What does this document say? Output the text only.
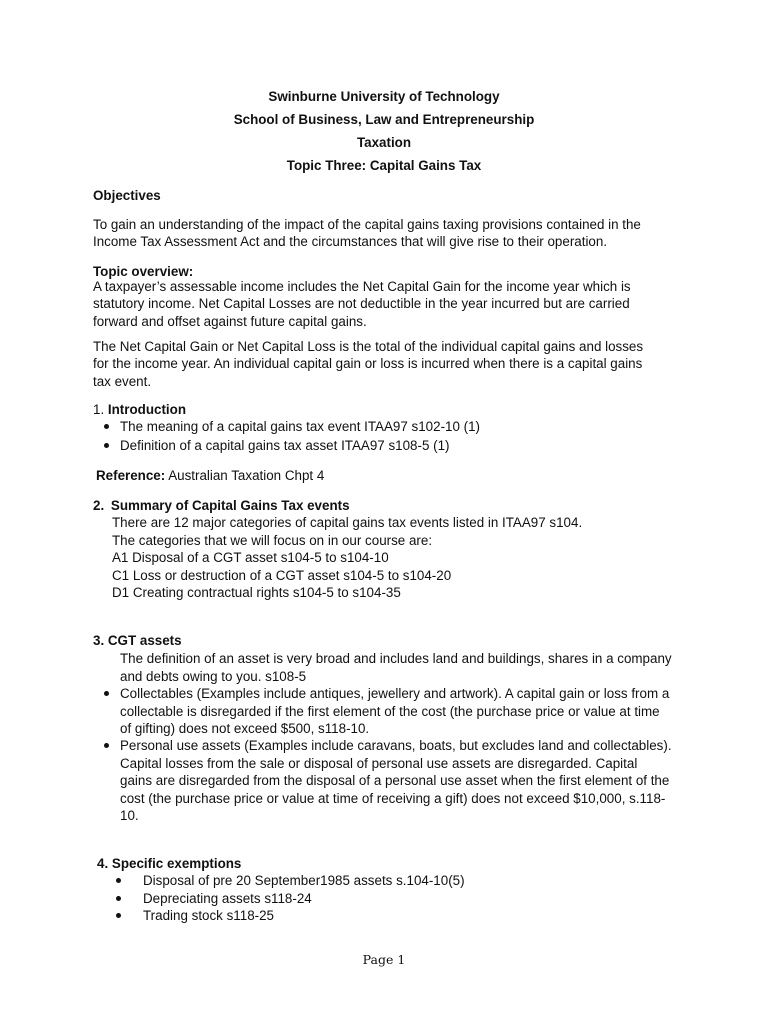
Swinburne University of Technology
School of Business, Law and Entrepreneurship
Taxation
Topic Three: Capital Gains Tax
Objectives
To gain an understanding of the impact of the capital gains taxing provisions contained in the Income Tax Assessment Act and the circumstances that will give rise to their operation.
Topic overview:
A taxpayer’s assessable income includes the Net Capital Gain for the income year which is statutory income. Net Capital Losses are not deductible in the year incurred but are carried forward and offset against future capital gains.
The Net Capital Gain or Net Capital Loss is the total of the individual capital gains and losses for the income year. An individual capital gain or loss is incurred when there is a capital gains tax event.
1. Introduction
The meaning of a capital gains tax event ITAA97 s102-10 (1)
Definition of a capital gains tax asset ITAA97 s108-5 (1)
Reference: Australian Taxation Chpt 4
2. Summary of Capital Gains Tax events
There are 12 major categories of capital gains tax events listed in ITAA97 s104.
The categories that we will focus on in our course are:
A1 Disposal of a CGT asset s104-5 to s104-10
C1 Loss or destruction of a CGT asset s104-5 to s104-20
D1 Creating contractual rights s104-5 to s104-35
3. CGT assets
The definition of an asset is very broad and includes land and buildings, shares in a company and debts owing to you. s108-5
Collectables (Examples include antiques, jewellery and artwork). A capital gain or loss from a collectable is disregarded if the first element of the cost (the purchase price or value at time of gifting) does not exceed $500, s118-10.
Personal use assets (Examples include caravans, boats, but excludes land and collectables). Capital losses from the sale or disposal of personal use assets are disregarded. Capital gains are disregarded from the disposal of a personal use asset when the first element of the cost (the purchase price or value at time of receiving a gift) does not exceed $10,000, s.118-10.
4. Specific exemptions
Disposal of pre 20 September1985 assets s.104-10(5)
Depreciating assets s118-24
Trading stock s118-25
Page 1
